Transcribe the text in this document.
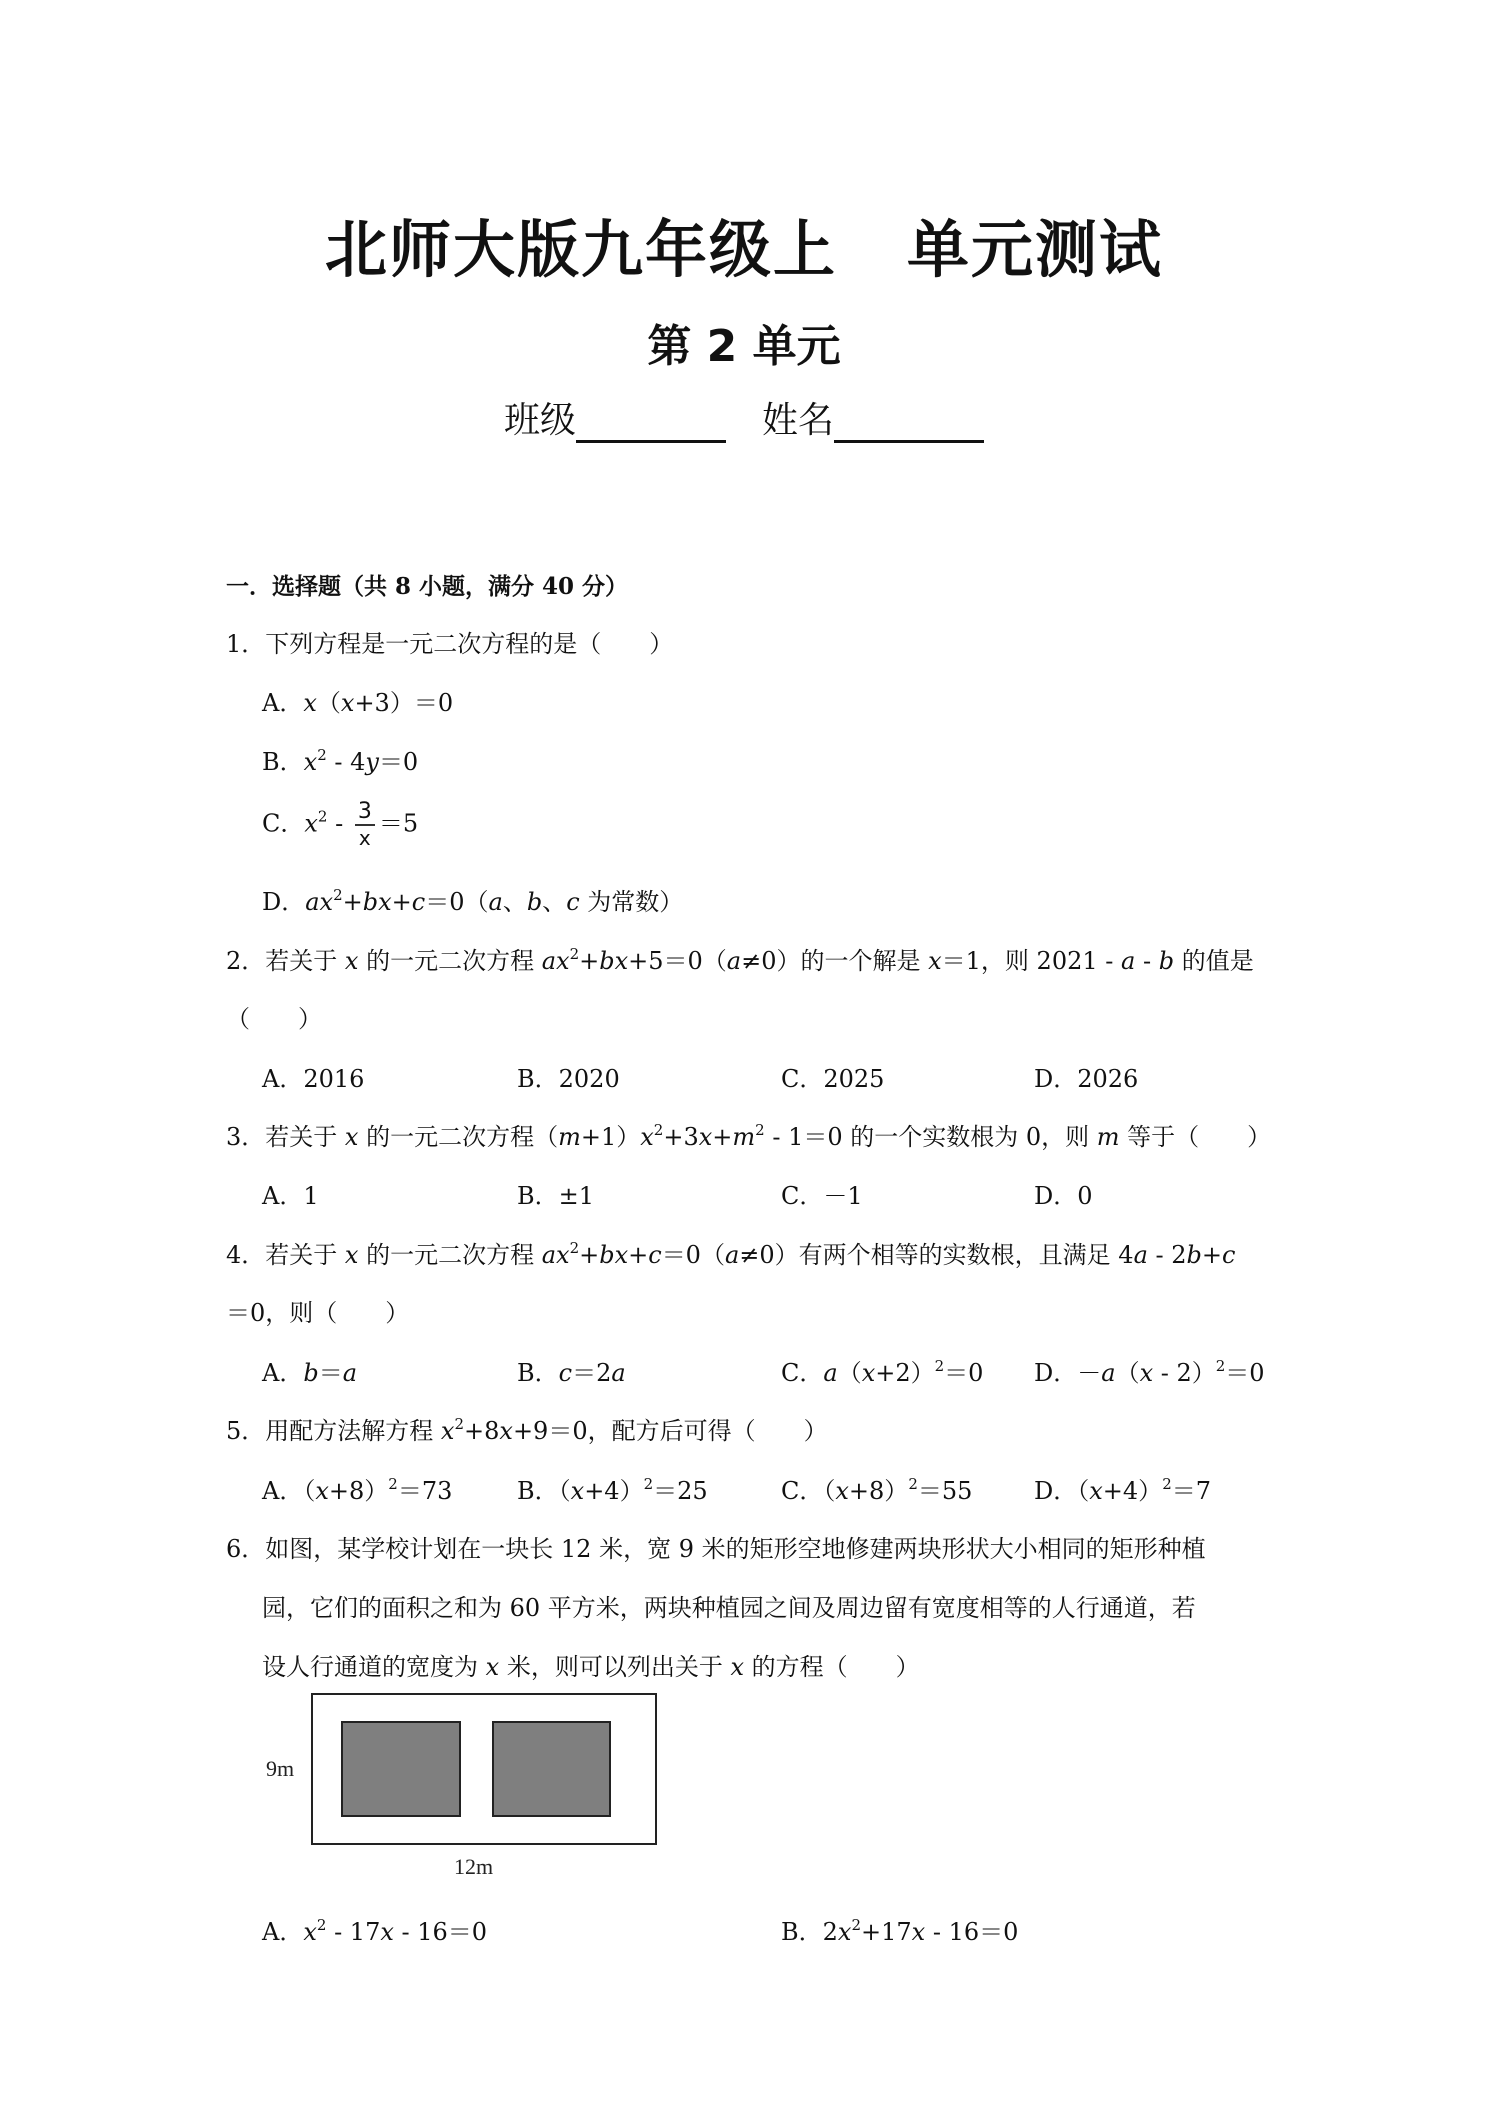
北师大版九年级上 单元测试
第 2 单元
班级	姓名
一．选择题（共 8 小题，满分 40 分）
1．下列方程是一元二次方程的是（　　）
A．x（x+3）＝0
B．$x^2 - 4y=0$
C．$x^2 - \frac{3}{x} =5$
D．$ax^2+bx+c=0(a$、b、c 为常数）
2．若关于 x 的一元二次方程 $ax^2+bx+5=0(a\ne 0)$的一个解是 x＝1，则 2021 - a - b 的值是
（　　）
A．2016	B．2020	C．2025	D．2026
3．若关于 x 的一元二次方程$(m+1)x^2+3x+m^2 - 1=0$ 的一个实数根为 0，则 m 等于（　　）
A．1	B．±1	C．－1	D．0
4．若关于 x 的一元二次方程 $ax^2+bx+c=0(a\ne 0)$有两个相等的实数根，且满足 4a - 2b+c
＝0，则（　　）
A．b＝a	B．c＝2a	C．$a(x+2)^2=0$ D．－a（x - 2）$^2$＝0
5．用配方法解方程 $x^2+8x+9=0$，配方后可得（　　）
A．$(x+8)^2=73$	B．$(x+4)^2=25$	C．$(x+8)^2=55$	D．$(x+4)^2=7$
6．如图，某学校计划在一块长 12 米，宽 9 米的矩形空地修建两块形状大小相同的矩形种植
园，它们的面积之和为 60 平方米，两块种植园之间及周边留有宽度相等的人行通道，若
设人行通道的宽度为 x 米，则可以列出关于 x 的方程（　　）
9m
12m
A．$x^2 - 17x - 16=0$	B．$2x^2+17x - 16=0$
